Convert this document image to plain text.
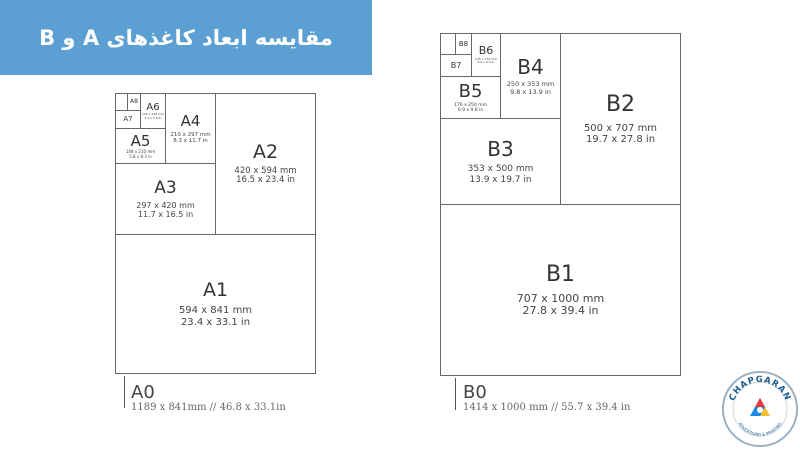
مقایسه ابعاد کاغذهای A و B
A1
594 x 841 mm
23.4 x 33.1 in
A2
420 x 594 mm
16.5 x 23.4 in
A3
297 x 420 mm
11.7 x 16.5 in
A4
210 x 297 mm
8.3 x 11.7 in
A5
148 x 210 mm
5.8 x 8.3 in
A6
105 x 148 mm
4.1 x 5.8 in
A7
A8
A0
1189 x 841mm // 46.8 x 33.1in
B1
707 x 1000 mm
27.8 x 39.4 in
B2
500 x 707 mm
19.7 x 27.8 in
B3
353 x 500 mm
13.9 x 19.7 in
B4
250 x 353 mm
9.8 x 13.9 in
B5
176 x 250 mm
6.9 x 9.8 in
B6
125 x 176 mm
4.9 x 6.9 in
B7
B8
B0
1414 x 1000 mm // 55.7 x 39.4 in
CHAPGARAN
ADVERTISING & PRINTING
